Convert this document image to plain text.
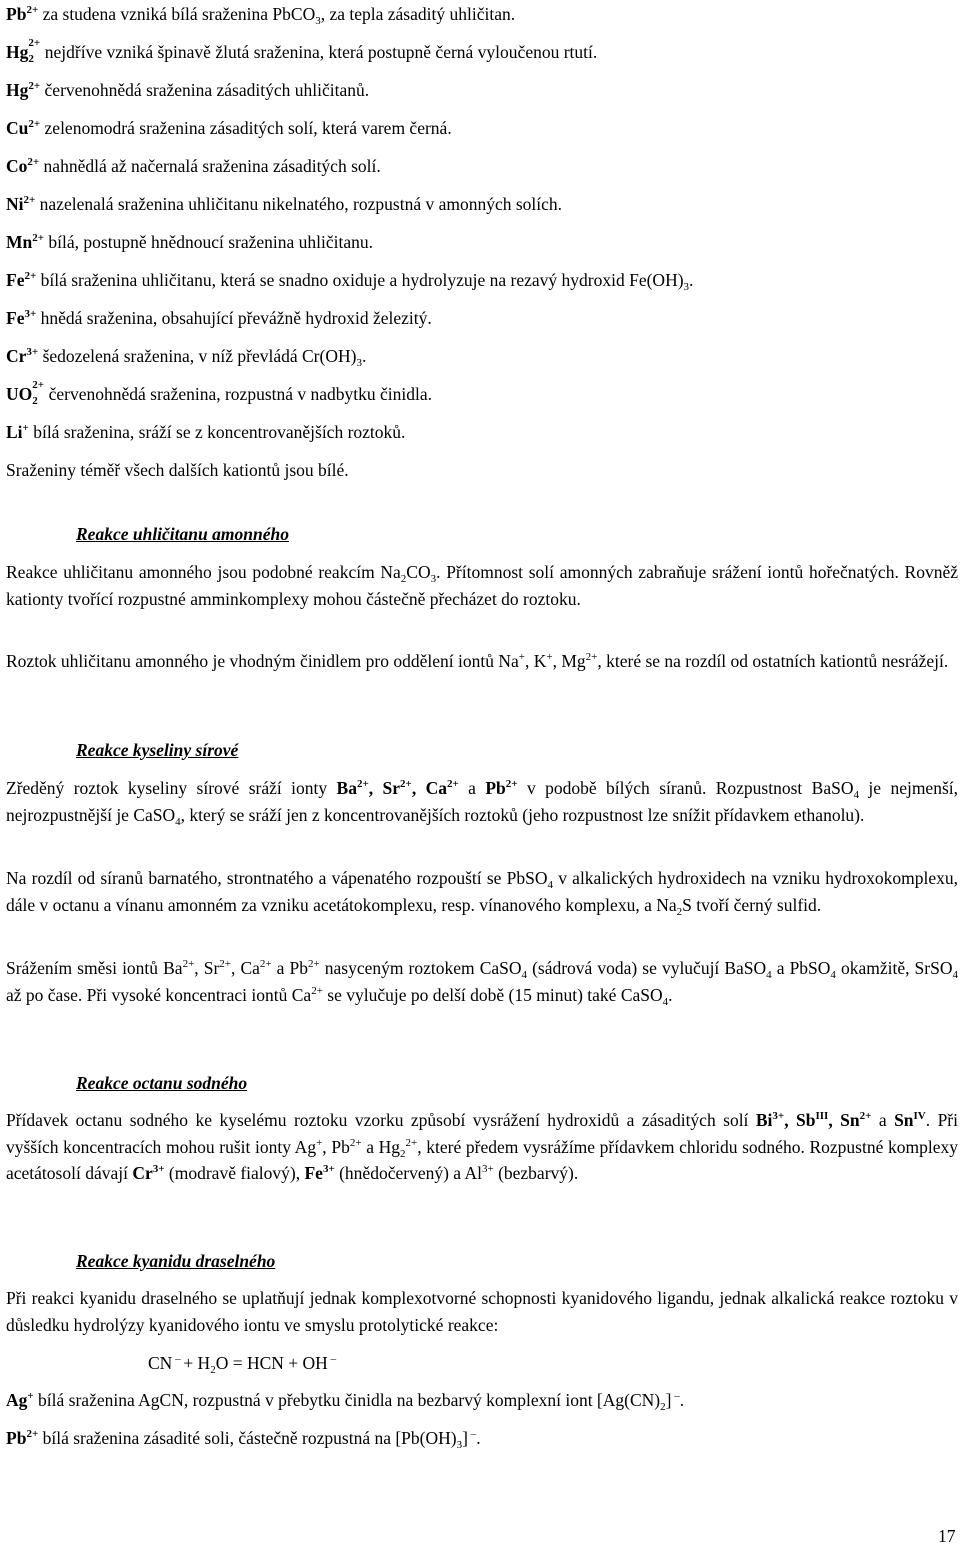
$Pb^{2+}$ za studena vzniká bílá sraženina PbCO$_3$, za tepla zásaditý uhličitan.
Hg 2+
2 nejdříve vzniká špinavě žlutá sraženina, která postupně černá vyloučenou rtutí.
$Hg^{2+}$ červenohnědá sraženina zásaditých uhličitanů.
$Cu^{2+}$ zelenomodrá sraženina zásaditých solí, která varem černá.
$Co^{2+}$ nahnědlá až načernalá sraženina zásaditých solí.
$Ni^{2+}$ nazelenalá sraženina uhličitanu nikelnatého, rozpustná v amonných solích.
$Mn^{2+}$ bílá, postupně hnědnoucí sraženina uhličitanu.
$Fe^{2+}$ bílá sraženina uhličitanu, která se snadno oxiduje a hydrolyzuje na rezavý hydroxid $Fe(OH)_3$.
$Fe^{3+}$ hnědá sraženina, obsahující převážně hydroxid železitý.
$Cr^{3+}$ šedozelená sraženina, v níž převládá $Cr(OH)_3$.
UO 2+
2 červenohnědá sraženina, rozpustná v nadbytku činidla.
Li+ bílá sraženina, sráží se z koncentrovanějších roztoků.
Sraženiny téměř všech dalších kationtů jsou bílé.
Reakce uhličitanu amonného
Reakce uhličitanu amonného jsou podobné reakcím $Na_2CO_3$. Přítomnost solí amonných zabraňuje srážení iontů hořečnatých. Rovněž kationty tvořící rozpustné amminkomplexy mohou částečně přecházet do roztoku.
Roztok uhličitanu amonného je vhodným činidlem pro oddělení iontů Na+, K+, $Mg^{2+}$, které se na rozdíl od ostatních kationtů nesrážejí.
Reakce kyseliny sírové
Zředěný roztok kyseliny sírové sráží ionty $Ba^{2+}$, $Sr^{2+}$, $Ca^{2+}$ a $Pb^{2+}$ v podobě bílých síranů. Rozpustnost BaSO$_4$ je nejmenší, nejrozpustnější je CaSO$_4$, který se sráží jen z koncentrovanějších roztoků (jeho rozpustnost lze snížit přídavkem ethanolu).
Na rozdíl od síranů barnatého, strontnatého a vápenatého rozpouští se PbSO$_4$ v alkalických hydroxidech na vzniku hydroxokomplexu, dále v octanu a vínanu amonném za vzniku acetátokomplexu, resp. vínanového komplexu, a $Na_2S$ tvoří černý sulfid.
Srážením směsi iontů $Ba^{2+}$, $Sr^{2+}$, $Ca^{2+}$ a $Pb^{2+}$ nasyceným roztokem CaSO$_4$ (sádrová voda) se vylučují BaSO$_4$ a PbSO$_4$ okamžitě, SrSO$_4$ až po čase. Při vysoké koncentraci iontů $Ca^{2+}$ se vylučuje po delší době (15 minut) také CaSO$_4$.
Reakce octanu sodného
Přídavek octanu sodného ke kyselému roztoku vzorku způsobí vysrážení hydroxidů a zásaditých solí $Bi^{3+}$, $Sb^{III}$, $Sn^{2+}$ a $Sn^{IV}$. Při vyšších koncentracích mohou rušit ionty Ag+, $Pb^{2+}$ a $Hg_2^{2+}$, které předem vysrážíme přídavkem chloridu sodného. Rozpustné komplexy acetátosolí dávají $Cr^{3+}$ (modravě fialový), $Fe^{3+}$ (hnědočervený) a $Al^{3+}$ (bezbarvý).
Reakce kyanidu draselného
Při reakci kyanidu draselného se uplatňují jednak komplexotvorné schopnosti kyanidového ligandu, jednak alkalická reakce roztoku v důsledku hydrolýzy kyanidového iontu ve smyslu protolytické reakce:
CN $^- + H_2O$ = HCN + OH –
Ag+ bílá sraženina AgCN, rozpustná v přebytku činidla na bezbarvý komplexní iont $[Ag(CN)_2]$ –.
$Pb^{2+}$ bílá sraženina zásadité soli, částečně rozpustná na $[Pb(OH)_3]$ –.
17
